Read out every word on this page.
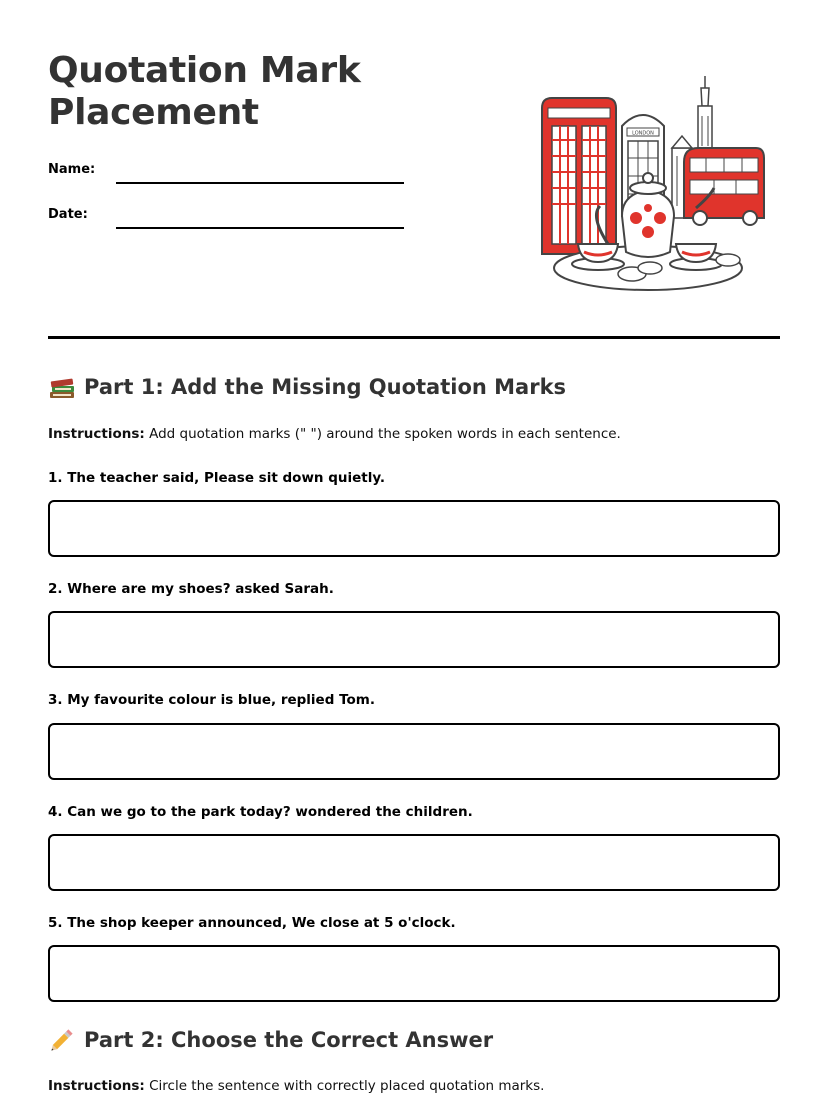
Quotation Mark Placement
Name:
Date:
LONDON
Part 1: Add the Missing Quotation Marks
Instructions: Add quotation marks (" ") around the spoken words in each sentence.
1. The teacher said, Please sit down quietly.
2. Where are my shoes? asked Sarah.
3. My favourite colour is blue, replied Tom.
4. Can we go to the park today? wondered the children.
5. The shop keeper announced, We close at 5 o'clock.
Part 2: Choose the Correct Answer
Instructions: Circle the sentence with correctly placed quotation marks.
